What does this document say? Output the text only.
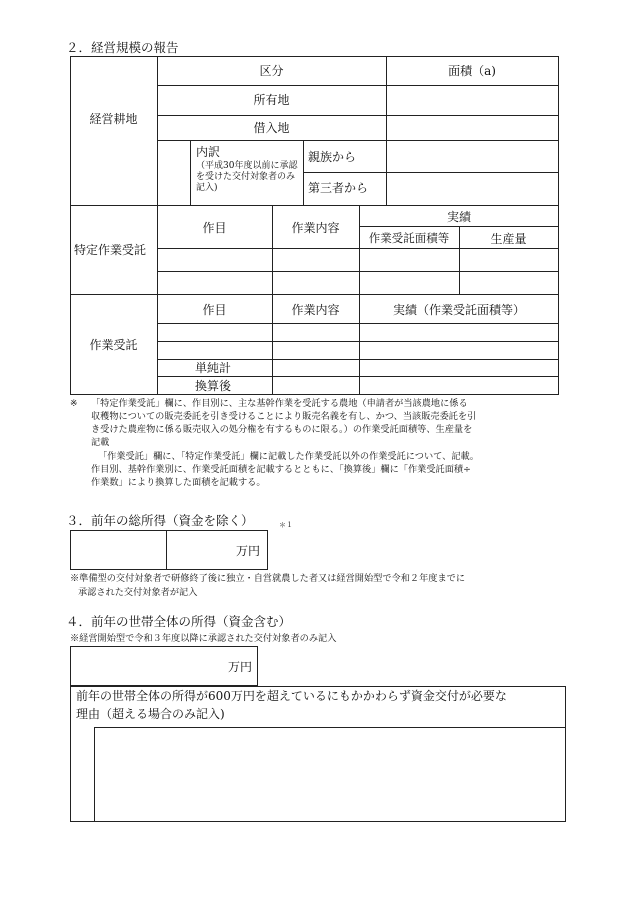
２．経営規模の報告
経営耕地
区分	面積（a)
所有地
借入地
内訳
（平成30年度以前に承認を受けた交付対象者のみ記入)
親族から
第三者から
特定作業受託
作目	作業内容
実績
作業受託面積等	生産量
作業受託
作目	作業内容	実績（作業受託面積等）
単純計
換算後
※ 「特定作業受託」欄に、作目別に、主な基幹作業を受託する農地（申請者が当該農地に係る
収穫物についての販売委託を引き受けることにより販売名義を有し、かつ、当該販売委託を引
き受けた農産物に係る販売収入の処分権を有するものに限る。）の作業受託面積等、生産量を
記載
「作業受託」欄に、「特定作業受託」欄に記載した作業受託以外の作業受託について、記載。
作目別、基幹作業別に、作業受託面積を記載するとともに、「換算後」欄に「作業受託面積÷
作業数」により換算した面積を記載する。
３．前年の総所得（資金を除く）	＊１
万円
※準備型の交付対象者で研修終了後に独立・自営就農した者又は経営開始型で令和２年度までに
承認された交付対象者が記入
４．前年の世帯全体の所得（資金含む）
※経営開始型で令和３年度以降に承認された交付対象者のみ記入
万円
前年の世帯全体の所得が600万円を超えているにもかかわらず資金交付が必要な
理由（超える場合のみ記入)
